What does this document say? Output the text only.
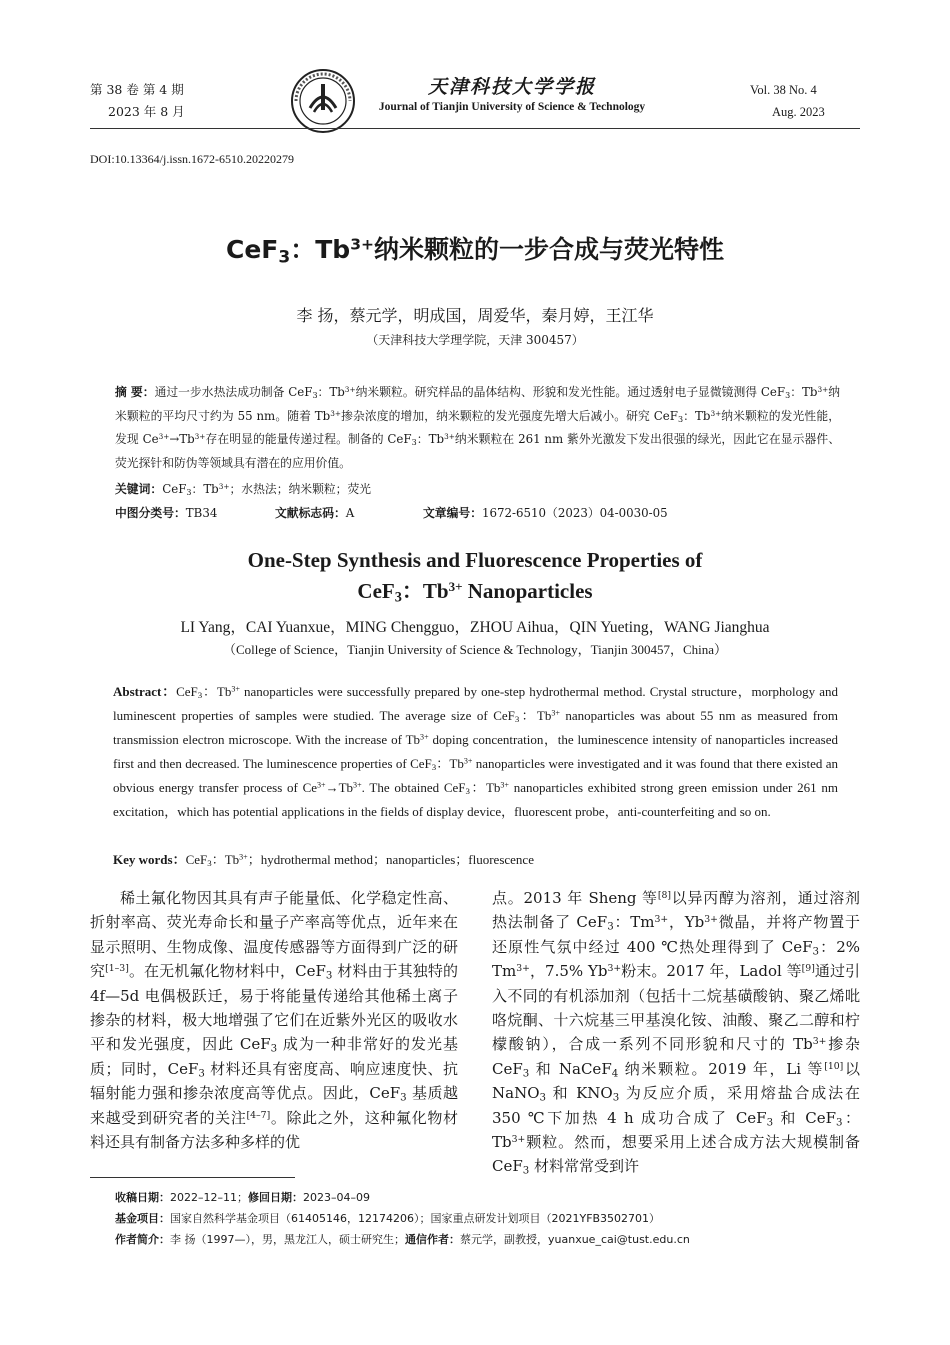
第 38 卷 第 4 期
2023 年 8 月
天津科技大学学报
Journal of Tianjin University of Science & Technology
Vol. 38 No. 4
Aug. 2023
DOI:10.13364/j.issn.1672-6510.20220279
CeF$_3$：$Tb^{3+}$纳米颗粒的一步合成与荧光特性
李 扬，蔡元学，明成国，周爱华，秦月婷，王江华
（天津科技大学理学院，天津 300457）
摘 要：通过一步水热法成功制备 CeF$_3$：$Tb^{3+}$纳米颗粒。研究样品的晶体结构、形貌和发光性能。通过透射电子显微镜测得 CeF$_3$：$Tb^{3+}$纳米颗粒的平均尺寸约为 55 nm。随着 $Tb^{3+}$掺杂浓度的增加，纳米颗粒的发光强度先增大后减小。研究 CeF$_3$：$Tb^{3+}$纳米颗粒的发光性能，发现 $Ce^{3+}\to Tb^{3+}$存在明显的能量传递过程。制备的 CeF$_3$：$Tb^{3+}$纳米颗粒在 261 nm 紫外光激发下发出很强的绿光，因此它在显示器件、荧光探针和防伪等领域具有潜在的应用价值。
关键词：CeF$_3$：$Tb^{3+}$；水热法；纳米颗粒；荧光
中图分类号：TB34	文献标志码：A	文章编号：1672-6510（2023）04-0030-05
One-Step Synthesis and Fluorescence Properties of
CeF$_3$：$Tb^{3+}$ Nanoparticles
LI Yang，CAI Yuanxue，MING Chengguo，ZHOU Aihua，QIN Yueting，WANG Jianghua
（College of Science，Tianjin University of Science & Technology，Tianjin 300457，China）
Abstract：CeF$_3$：$Tb^{3+}$ nanoparticles were successfully prepared by one-step hydrothermal method. Crystal structure，morphology and luminescent properties of samples were studied. The average size of CeF$_3$：$Tb^{3+}$ nanoparticles was about 55 nm as measured from transmission electron microscope. With the increase of $Tb^{3+}$ doping concentration，the luminescence intensity of nanoparticles increased first and then decreased. The luminescence properties of CeF$_3$：$Tb^{3+}$ nanoparticles were investigated and it was found that there existed an obvious energy transfer process of $Ce^{3+}\to Tb^{3+}$. The obtained CeF$_3$：$Tb^{3+}$ nanoparticles exhibited strong green emission under 261 nm excitation，which has potential applications in the fields of display device，fluorescent probe，anti-counterfeiting and so on.
Key words：CeF$_3$：$Tb^{3+}$；hydrothermal method；nanoparticles；fluorescence
稀土氟化物因其具有声子能量低、化学稳定性高、折射率高、荧光寿命长和量子产率高等优点，近年来在显示照明、生物成像、温度传感器等方面得到广泛的研究[1–3]。在无机氟化物材料中，CeF$_3$ 材料由于其独特的 4f—5d 电偶极跃迁，易于将能量传递给其他稀土离子掺杂的材料，极大地增强了它们在近紫外光区的吸收水平和发光强度，因此 CeF$_3$ 成为一种非常好的发光基质；同时，CeF$_3$ 材料还具有密度高、响应速度快、抗辐射能力强和掺杂浓度高等优点。因此，CeF$_3$ 基质越来越受到研究者的关注[4–7]。除此之外，这种氟化物材料还具有制备方法多种多样的优
点。2013 年 Sheng 等[8]以异丙醇为溶剂，通过溶剂热法制备了 CeF$_3$：$Tm^{3+}$，$Yb^{3+}$微晶，并将产物置于还原性气氛中经过 400 ℃热处理得到了 CeF$_3$：2% $Tm^{3+}$，7.5% $Yb^{3+}$粉末。2017 年，Ladol 等[9]通过引入不同的有机添加剂（包括十二烷基磺酸钠、聚乙烯吡咯烷酮、十六烷基三甲基溴化铵、油酸、聚乙二醇和柠檬酸钠），合成一系列不同形貌和尺寸的 $Tb^{3+}$掺杂 CeF$_3$ 和 NaCeF$_4$ 纳米颗粒。2019 年，Li 等[10]以 NaNO$_3$ 和 $KNO_3$ 为反应介质，采用熔盐合成法在 350 ℃下加热 4 h 成功合成了 CeF$_3$ 和 CeF$_3$：$Tb^{3+}$颗粒。然而，想要采用上述合成方法大规模制备 CeF$_3$ 材料常常受到许
收稿日期：2022–12–11；修回日期：2023–04–09
基金项目：国家自然科学基金项目（61405146，12174206）；国家重点研发计划项目（2021YFB3502701）
作者简介：李 扬（1997—），男，黑龙江人，硕士研究生；通信作者：蔡元学，副教授，yuanxue_cai@tust.edu.cn
